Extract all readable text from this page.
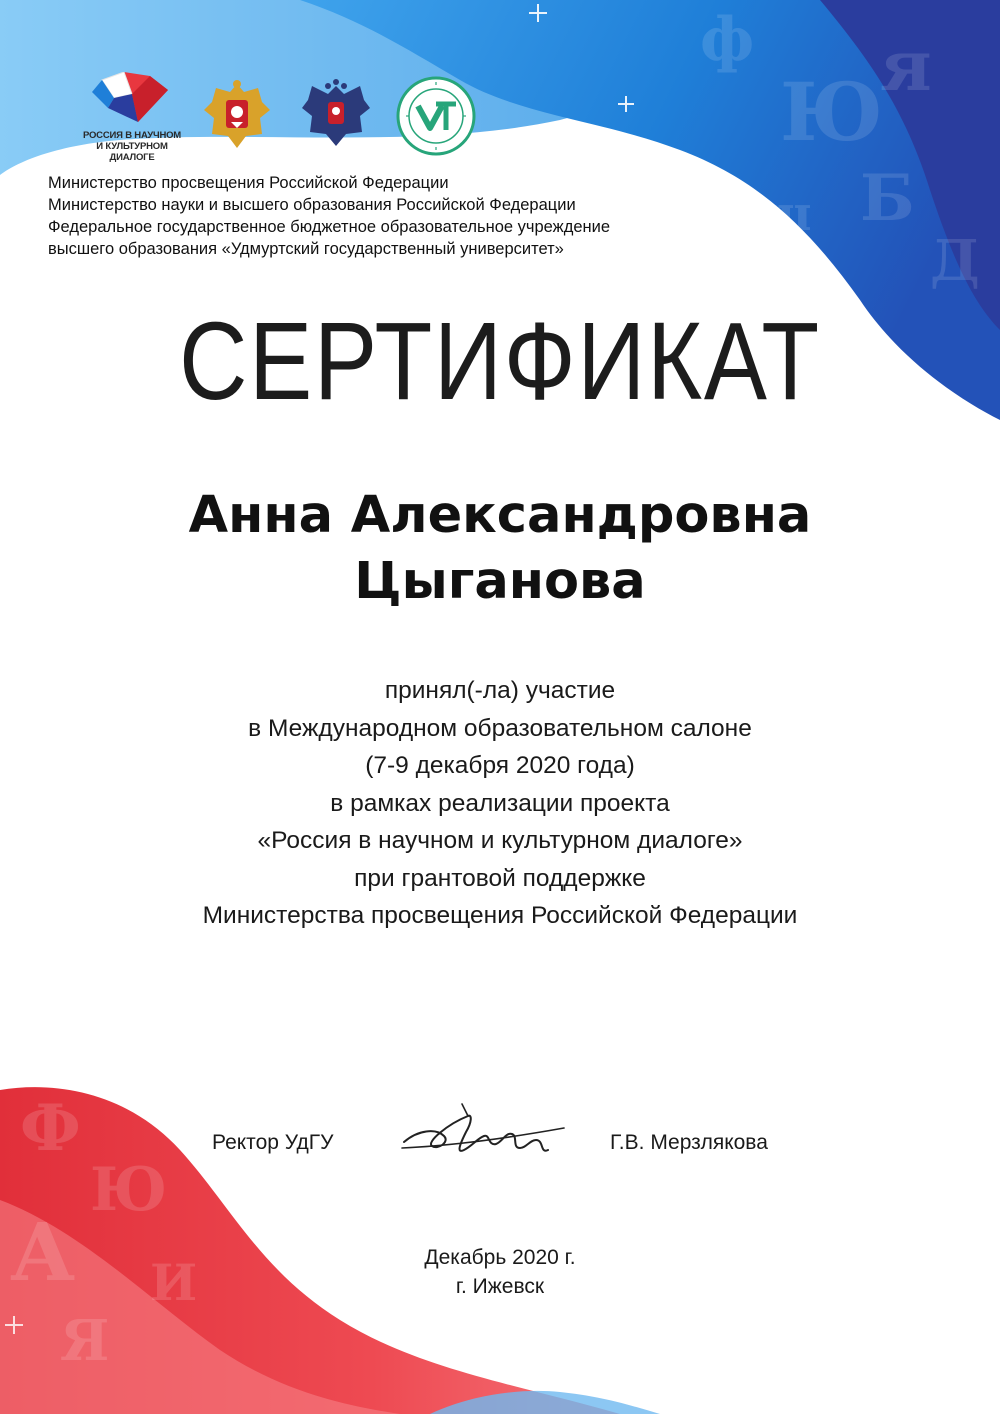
ф
Ю
я
Б
Д
ш
Ф
Ю
А И
Я
РОССИЯ В НАУЧНОМ
И КУЛЬТУРНОМ ДИАЛОГЕ
Министерство просвещения Российской Федерации
Министерство науки и высшего образования Российской Федерации
Федеральное государственное бюджетное образовательное учреждение
высшего образования «Удмуртский государственный университет»
СЕРТИФИКАТ
Анна Александровна
Цыганова
принял(-ла) участие
в Международном образовательном салоне
(7-9 декабря 2020 года)
в рамках реализации проекта
«Россия в научном и культурном диалоге»
при грантовой поддержке
Министерства просвещения Российской Федерации
Ректор УдГУ	Г.В. Мерзлякова
Декабрь 2020 г.
г. Ижевск
